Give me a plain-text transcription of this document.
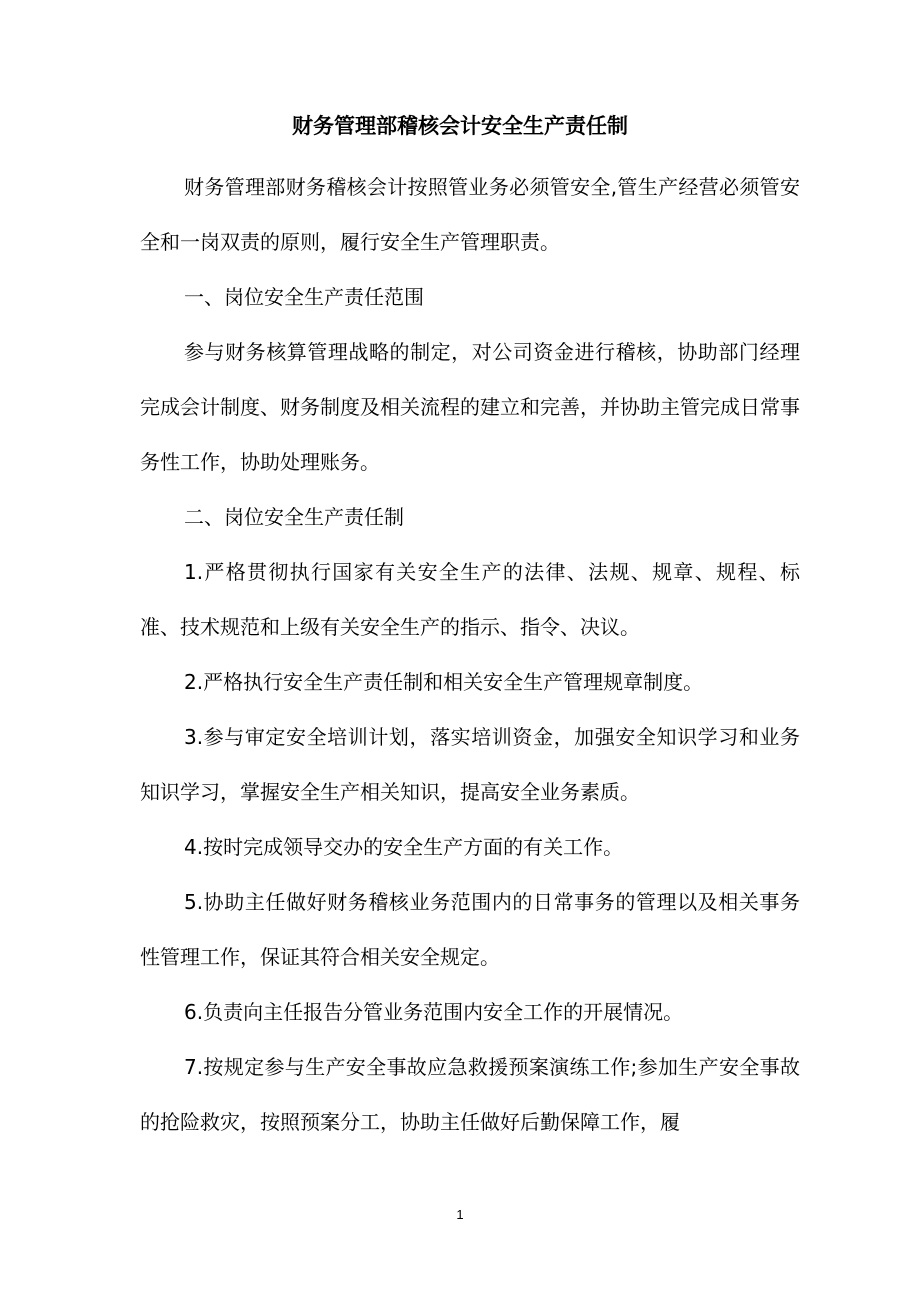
财务管理部稽核会计安全生产责任制

财务管理部财务稽核会计按照管业务必须管安全,管生产经营必须管安全和一岗双责的原则，履行安全生产管理职责。

一、岗位安全生产责任范围

参与财务核算管理战略的制定，对公司资金进行稽核，协助部门经理完成会计制度、财务制度及相关流程的建立和完善，并协助主管完成日常事务性工作，协助处理账务。

二、岗位安全生产责任制

1.严格贯彻执行国家有关安全生产的法律、法规、规章、规程、标准、技术规范和上级有关安全生产的指示、指令、决议。

2.严格执行安全生产责任制和相关安全生产管理规章制度。

3.参与审定安全培训计划，落实培训资金，加强安全知识学习和业务知识学习，掌握安全生产相关知识，提高安全业务素质。

4.按时完成领导交办的安全生产方面的有关工作。

5.协助主任做好财务稽核业务范围内的日常事务的管理以及相关事务性管理工作，保证其符合相关安全规定。

6.负责向主任报告分管业务范围内安全工作的开展情况。

7.按规定参与生产安全事故应急救援预案演练工作;参加生产安全事故的抢险救灾，按照预案分工，协助主任做好后勤保障工作，履

1
